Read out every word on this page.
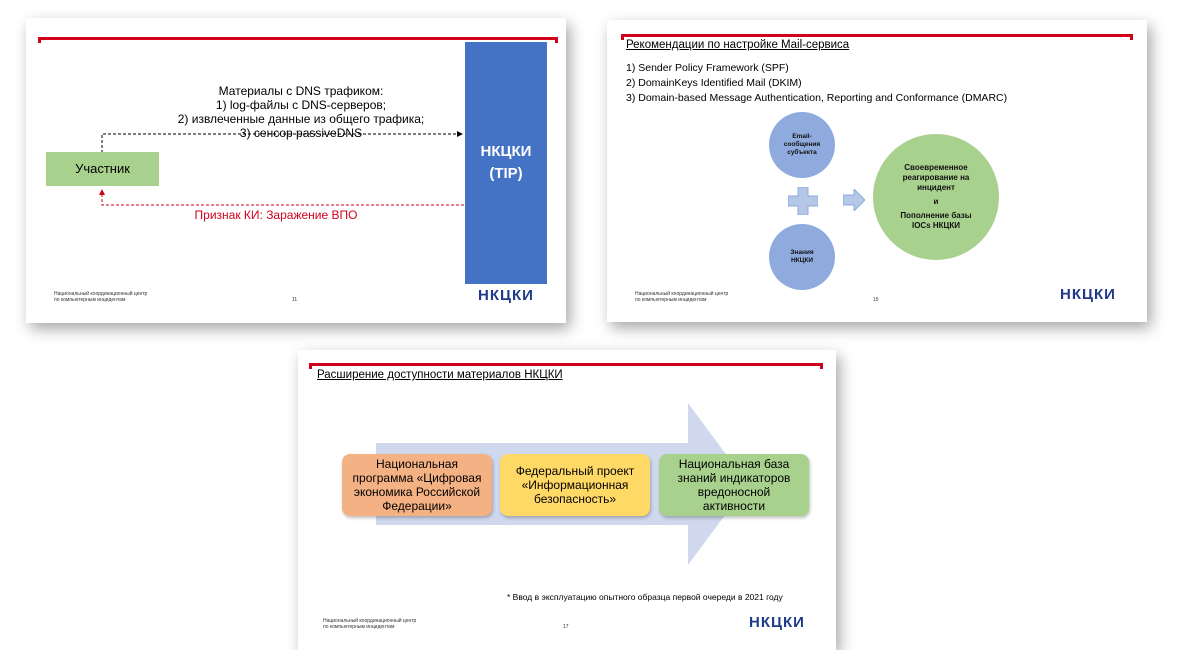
Материалы с DNS трафиком:
1) log-файлы с DNS-серверов;
2) извлеченные данные из общего трафика;
3) сенсор passiveDNS
Участник
НКЦКИ
(TIP)
Признак КИ: Заражение ВПО
Национальный координационный центр
по компьютерным инцидентам	11	НКЦКИ
Рекомендации по настройке Mail-сервиса
1) Sender Policy Framework (SPF)
2) DomainKeys Identified Mail (DKIM)
3) Domain-based Message Authentication, Reporting and Conformance (DMARC)
Email-сообщения субъекта
Знания НКЦКИ
Своевременное реагирование на инцидент
и
Пополнение базы IOCs НКЦКИ
Национальный координационный центр
по компьютерным инцидентам	15	НКЦКИ
Расширение доступности материалов НКЦКИ
Национальная программа «Цифровая экономика Российской Федерации»
Федеральный проект «Информационная безопасность»
Национальная база знаний индикаторов вредоносной активности
* Ввод в эксплуатацию опытного образца первой очереди в 2021 году
Национальный координационный центр
по компьютерным инцидентам	17	НКЦКИ
